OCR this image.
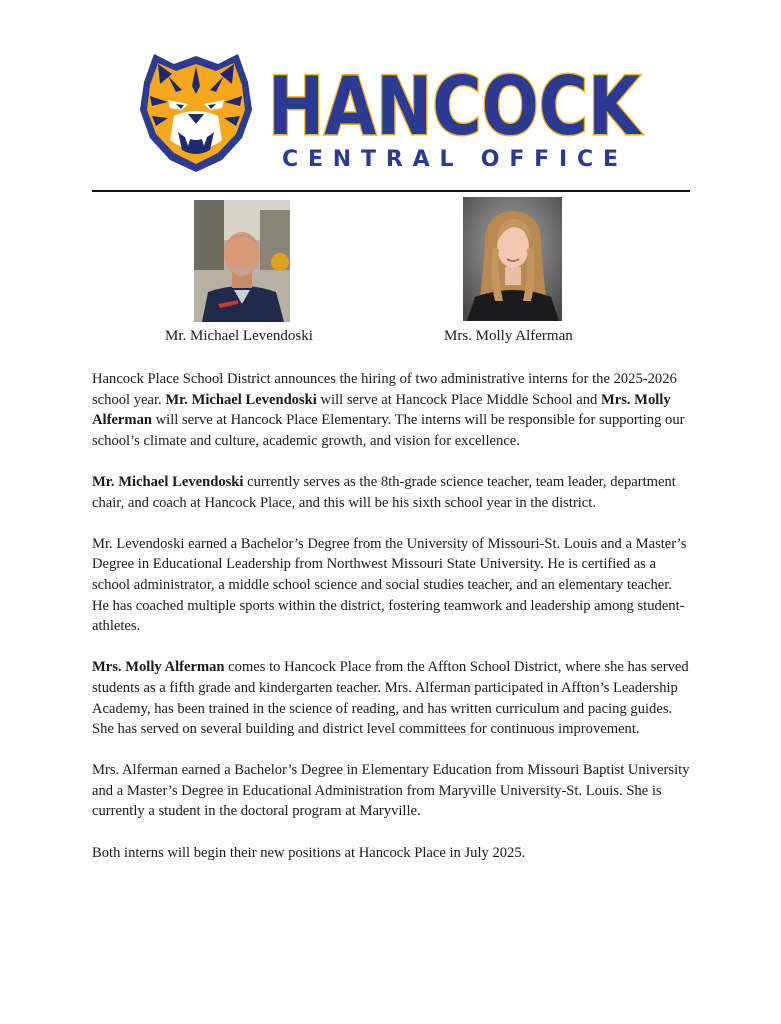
HANCOCK
CENTRAL OFFICE
Mr. Michael Levendoski	Mrs. Molly Alferman

Hancock Place School District announces the hiring of two administrative interns for the 2025-2026 school year. Mr. Michael Levendoski will serve at Hancock Place Middle School and Mrs. Molly Alferman will serve at Hancock Place Elementary. The interns will be responsible for supporting our school’s climate and culture, academic growth, and vision for excellence.

Mr. Michael Levendoski currently serves as the 8th-grade science teacher, team leader, department chair, and coach at Hancock Place, and this will be his sixth school year in the district.

Mr. Levendoski earned a Bachelor’s Degree from the University of Missouri-St. Louis and a Master’s Degree in Educational Leadership from Northwest Missouri State University. He is certified as a school administrator, a middle school science and social studies teacher, and an elementary teacher. He has coached multiple sports within the district, fostering teamwork and leadership among student-athletes.

Mrs. Molly Alferman comes to Hancock Place from the Affton School District, where she has served students as a fifth grade and kindergarten teacher. Mrs. Alferman participated in Affton’s Leadership Academy, has been trained in the science of reading, and has written curriculum and pacing guides. She has served on several building and district level committees for continuous improvement.

Mrs. Alferman earned a Bachelor’s Degree in Elementary Education from Missouri Baptist University and a Master’s Degree in Educational Administration from Maryville University-St. Louis. She is currently a student in the doctoral program at Maryville.

Both interns will begin their new positions at Hancock Place in July 2025.
